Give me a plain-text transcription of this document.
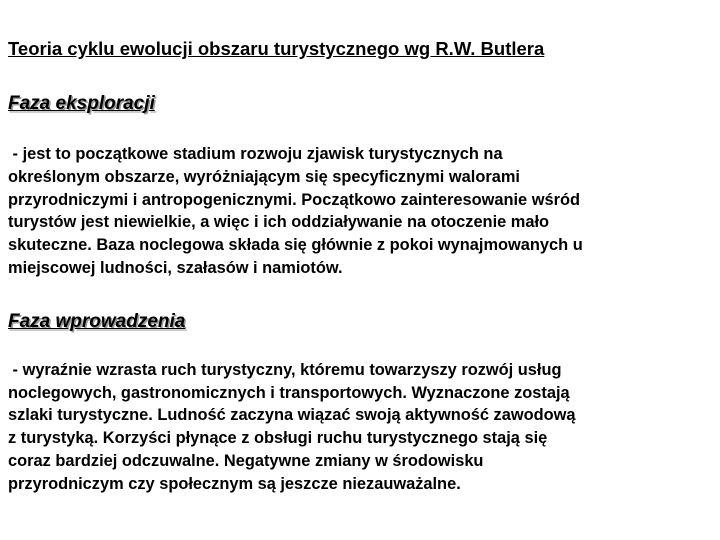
Teoria cyklu ewolucji obszaru turystycznego wg R.W. Butlera
Faza eksploracji

- jest to początkowe stadium rozwoju zjawisk turystycznych na
określonym obszarze, wyróżniającym się specyficznymi walorami
przyrodniczymi i antropogenicznymi. Początkowo zainteresowanie wśród
turystów jest niewielkie, a więc i ich oddziaływanie na otoczenie mało
skuteczne. Baza noclegowa składa się głównie z pokoi wynajmowanych u
miejscowej ludności, szałasów i namiotów.

Faza wprowadzenia

- wyraźnie wzrasta ruch turystyczny, któremu towarzyszy rozwój usług
noclegowych, gastronomicznych i transportowych. Wyznaczone zostają
szlaki turystyczne. Ludność zaczyna wiązać swoją aktywność zawodową
z turystyką. Korzyści płynące z obsługi ruchu turystycznego stają się
coraz bardziej odczuwalne. Negatywne zmiany w środowisku
przyrodniczym czy społecznym są jeszcze niezauważalne.
